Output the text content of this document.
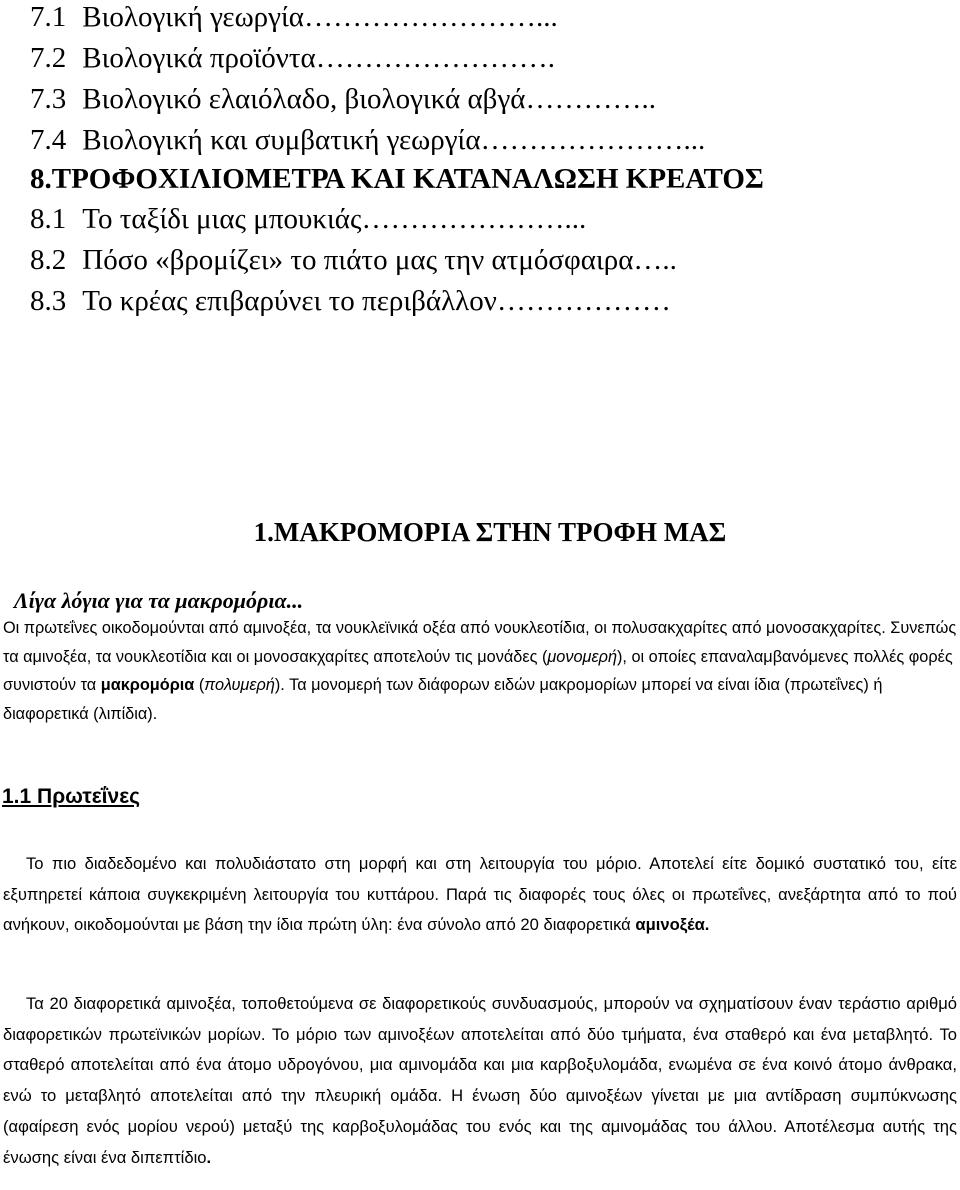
7.1 Βιολογική γεωργία……………………...
7.2 Βιολογικά προϊόντα…………………….
7.3 Βιολογικό ελαιόλαδο, βιολογικά αβγά…………..
7.4 Βιολογική και συμβατική γεωργία…………………...
8.ΤΡΟΦΟΧΙΛΙΟΜΕΤΡΑ ΚΑΙ ΚΑΤΑΝΑΛΩΣΗ ΚΡΕΑΤΟΣ
8.1 Το ταξίδι μιας μπουκιάς…………………...
8.2 Πόσο «βρομίζει» το πιάτο μας την ατμόσφαιρα…..
8.3 Το κρέας επιβαρύνει το περιβάλλον………………
1.ΜΑΚΡΟΜΟΡΙΑ ΣΤΗΝ ΤΡΟΦΗ ΜΑΣ
Λίγα λόγια για τα μακρομόρια...

Οι πρωτεΐνες οικοδομούνται από αμινοξέα, τα νουκλεϊνικά οξέα από νουκλεοτίδια, οι πολυσακχαρίτες από μονοσακχαρίτες. Συνεπώς τα αμινοξέα, τα νουκλεοτίδια και οι μονοσακχαρίτες αποτελούν τις μονάδες (μονομερή), οι οποίες επαναλαμβανόμενες πολλές φορές συνιστούν τα μακρομόρια (πολυμερή). Τα μονομερή των διάφορων ειδών μακρομορίων μπορεί να είναι ίδια (πρωτεΐνες) ή διαφορετικά (λιπίδια).

1.1 Πρωτεΐνες

Το πιο διαδεδομένο και πολυδιάστατο στη μορφή και στη λειτουργία του μόριο. Αποτελεί είτε δομικό συστατικό του, είτε εξυπηρετεί κάποια συγκεκριμένη λειτουργία του κυττάρου. Παρά τις διαφορές τους όλες οι πρωτεΐνες, ανεξάρτητα από το πού ανήκουν, οικοδομούνται με βάση την ίδια πρώτη ύλη: ένα σύνολο από 20 διαφορετικά αμινοξέα.

Τα 20 διαφορετικά αμινοξέα, τοποθετούμενα σε διαφορετικούς συνδυασμούς, μπορούν να σχηματίσουν έναν τεράστιο αριθμό διαφορετικών πρωτεϊνικών μορίων. Το μόριο των αμινοξέων αποτελείται από δύο τμήματα, ένα σταθερό και ένα μεταβλητό. Το σταθερό αποτελείται από ένα άτομο υδρογόνου, μια αμινομάδα και μια καρβοξυλομάδα, ενωμένα σε ένα κοινό άτομο άνθρακα, ενώ το μεταβλητό αποτελείται από την πλευρική ομάδα. Η ένωση δύο αμινοξέων γίνεται με μια αντίδραση συμπύκνωσης (αφαίρεση ενός μορίου νερού) μεταξύ της καρβοξυλομάδας του ενός και της αμινομάδας του άλλου. Αποτέλεσμα αυτής της ένωσης είναι ένα διπεπτίδιο.
